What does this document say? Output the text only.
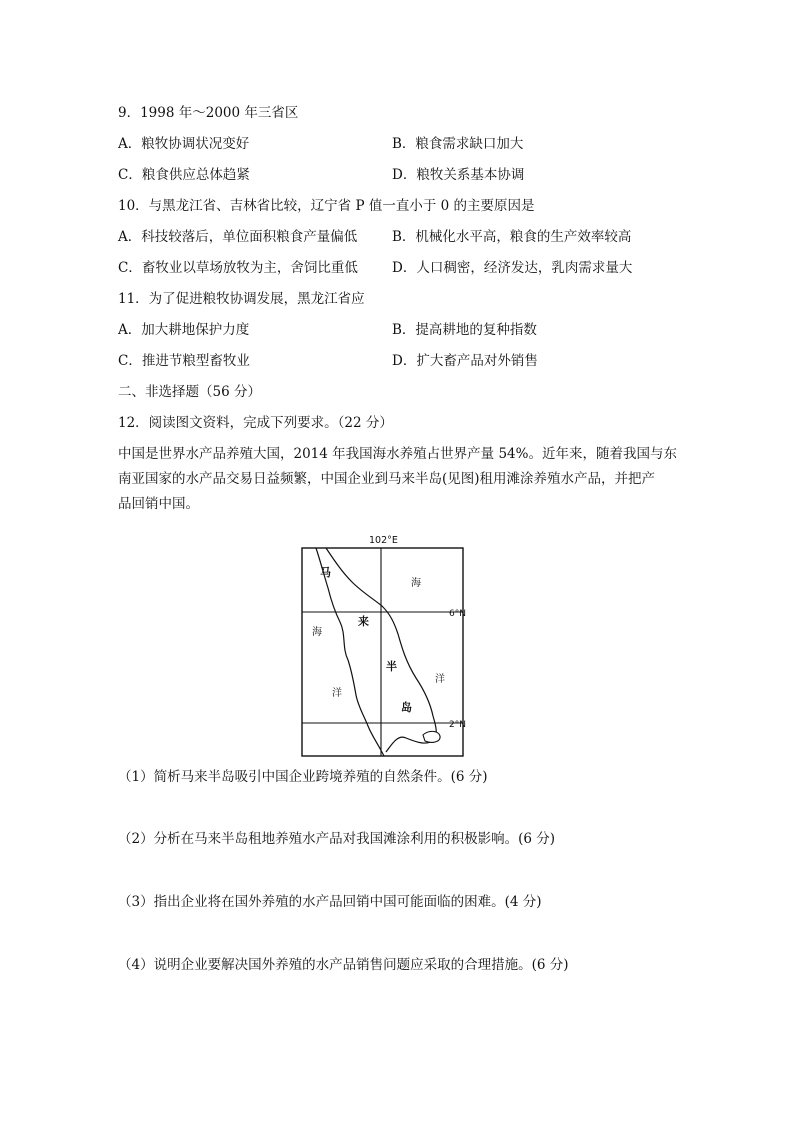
9．1998 年～2000 年三省区
A．粮牧协调状况变好	B．粮食需求缺口加大
C．粮食供应总体趋紧	D．粮牧关系基本协调
10．与黑龙江省、吉林省比较，辽宁省 P 值一直小于 0 的主要原因是
A．科技较落后，单位面积粮食产量偏低	B．机械化水平高，粮食的生产效率较高
C．畜牧业以草场放牧为主，舍饲比重低	D．人口稠密，经济发达，乳肉需求量大
11．为了促进粮牧协调发展，黑龙江省应
A．加大耕地保护力度	B．提高耕地的复种指数
C．推进节粮型畜牧业	D．扩大畜产品对外销售
二、非选择题（56 分）
12．阅读图文资料，完成下列要求。（22 分）
中国是世界水产品养殖大国，2014 年我国海水养殖占世界产量 54%。近年来，随着我国与东
南亚国家的水产品交易日益频繁，中国企业到马来半岛(见图)租用滩涂养殖水产品，并把产
品回销中国。
102°E
6°N
2°N
马
来
半
岛
海
洋
海
洋
（1）简析马来半岛吸引中国企业跨境养殖的自然条件。(6 分)
（2）分析在马来半岛租地养殖水产品对我国滩涂利用的积极影响。(6 分)
（3）指出企业将在国外养殖的水产品回销中国可能面临的困难。(4 分)
（4）说明企业要解决国外养殖的水产品销售问题应采取的合理措施。(6 分)
